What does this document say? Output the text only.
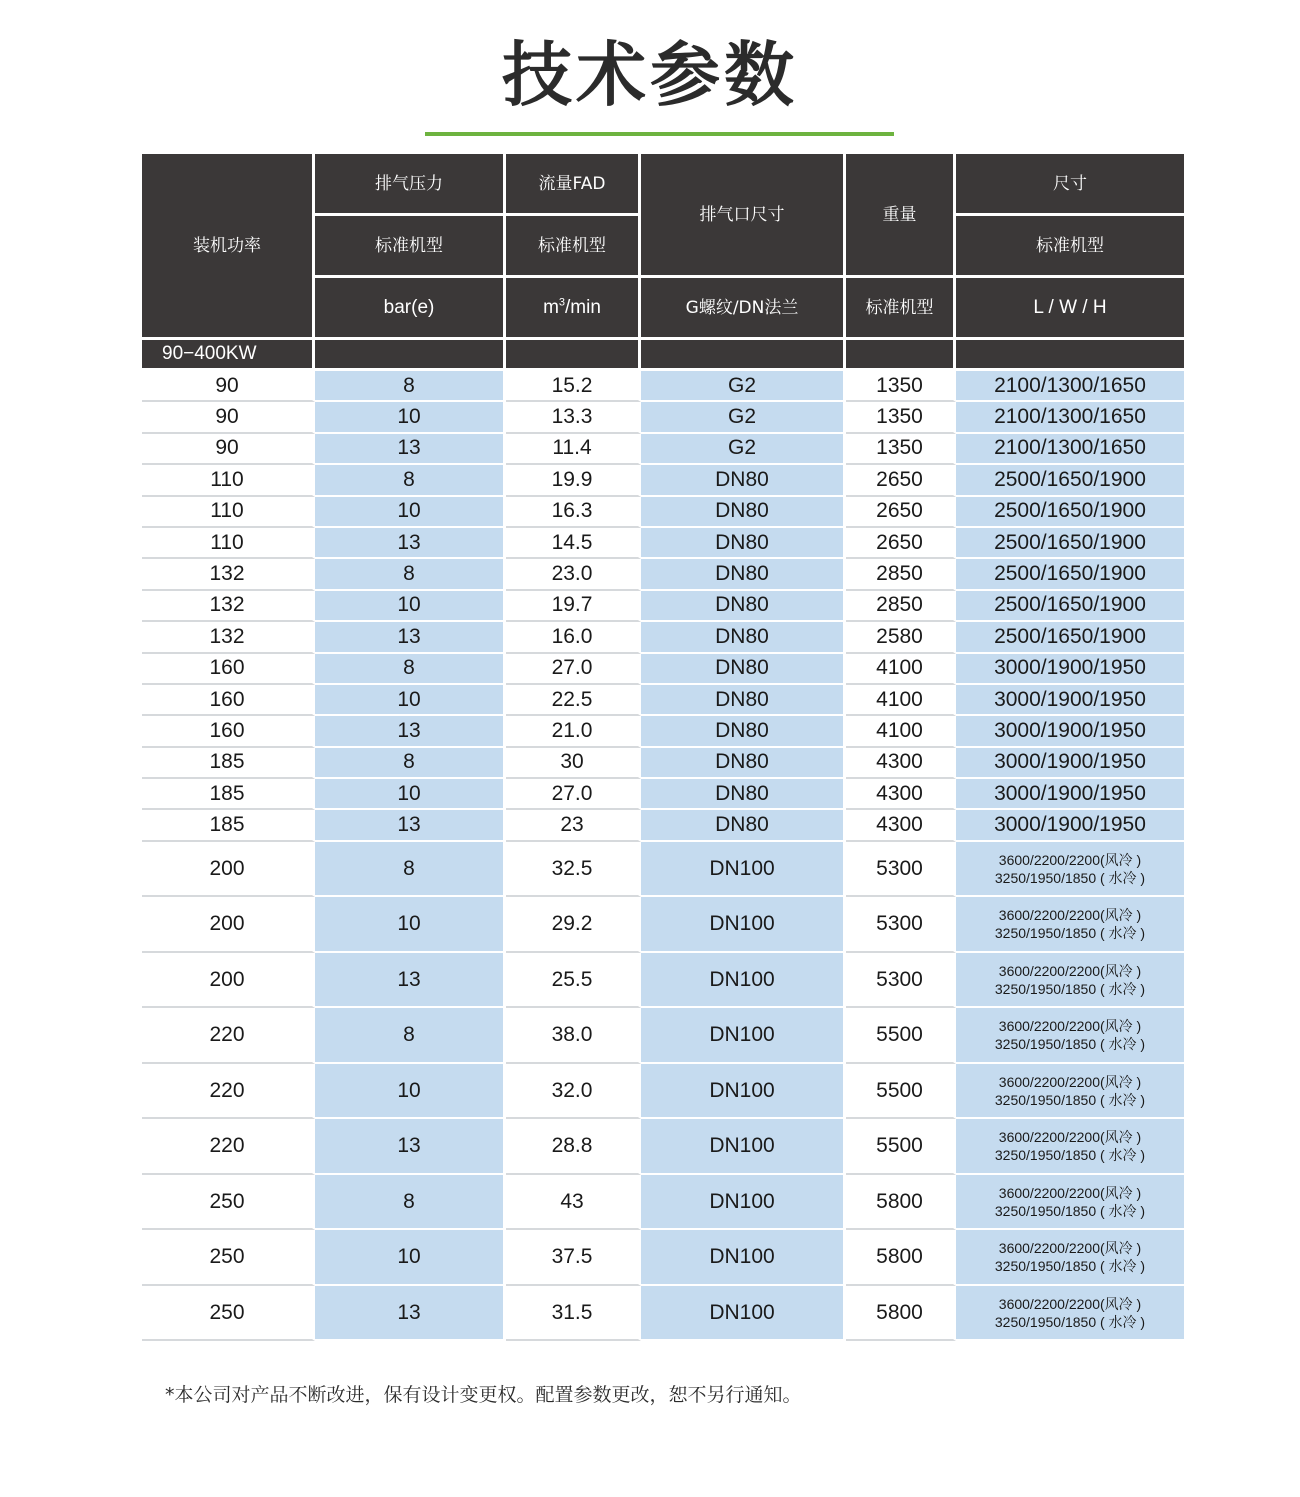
技术参数
装机功率	排气压力	流量FAD	排气口尺寸	重量	尺寸
	标准机型	标准机型			标准机型
	bar(e)	$m^3/\min$	G螺纹/DN法兰	标准机型	L / W / H
90−400KW					
90	8	15.2	G2	1350	2100/1300/1650
90	10	13.3	G2	1350	2100/1300/1650
90	13	11.4	G2	1350	2100/1300/1650
110	8	19.9	DN80	2650	2500/1650/1900
110	10	16.3	DN80	2650	2500/1650/1900
110	13	14.5	DN80	2650	2500/1650/1900
132	8	23.0	DN80	2850	2500/1650/1900
132	10	19.7	DN80	2850	2500/1650/1900
132	13	16.0	DN80	2580	2500/1650/1900
160	8	27.0	DN80	4100	3000/1900/1950
160	10	22.5	DN80	4100	3000/1900/1950
160	13	21.0	DN80	4100	3000/1900/1950
185	8	30	DN80	4300	3000/1900/1950
185	10	27.0	DN80	4300	3000/1900/1950
185	13	23	DN80	4300	3000/1900/1950
200	8	32.5	DN100	5300	3600/2200/2200(风冷 )
3250/1950/1850 ( 水冷 )

200	10	29.2	DN100	5300	3600/2200/2200(风冷 )
3250/1950/1850 ( 水冷 )

200	13	25.5	DN100	5300	3600/2200/2200(风冷 )
3250/1950/1850 ( 水冷 )

220	8	38.0	DN100	5500	3600/2200/2200(风冷 )
3250/1950/1850 ( 水冷 )

220	10	32.0	DN100	5500	3600/2200/2200(风冷 )
3250/1950/1850 ( 水冷 )

220	13	28.8	DN100	5500	3600/2200/2200(风冷 )
3250/1950/1850 ( 水冷 )

250	8	43	DN100	5800	3600/2200/2200(风冷 )
3250/1950/1850 ( 水冷 )

250	10	37.5	DN100	5800	3600/2200/2200(风冷 )
3250/1950/1850 ( 水冷 )

250	13	31.5	DN100	5800	3600/2200/2200(风冷 )
3250/1950/1850 ( 水冷 )
*本公司对产品不断改进，保有设计变更权。配置参数更改，恕不另行通知。
